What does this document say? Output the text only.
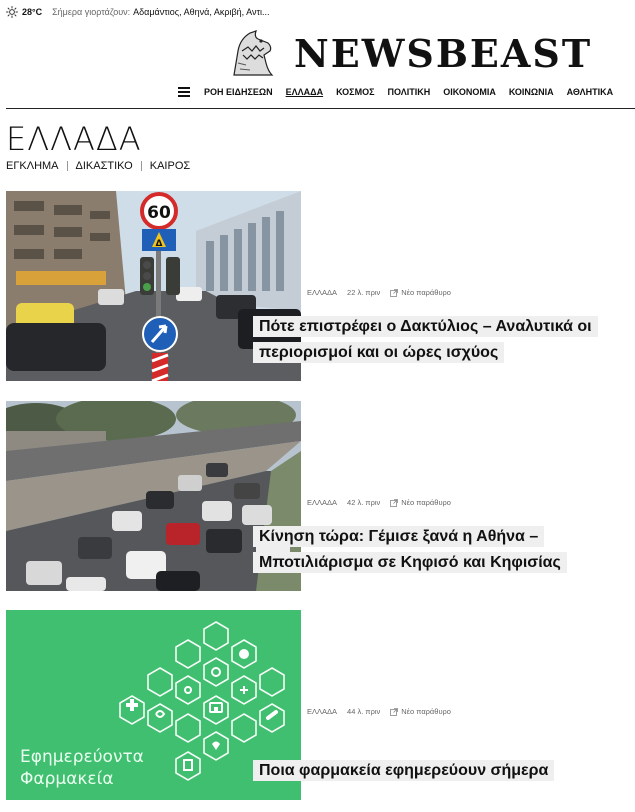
28°C Σήμερα γιορτάζουν: Αδαμάντιος, Αθηνά, Ακριβή, Αντι...
NEWSBEAST
ΡΟΗ ΕΙΔΗΣΕΩΝ ΕΛΛΑΔΑ ΚΟΣΜΟΣ ΠΟΛΙΤΙΚΗ ΟΙΚΟΝΟΜΙΑ ΚΟΙΝΩΝΙΑ ΑΘΛΗΤΙΚΑ
ΕΛΛΑΔΑ
ΕΓΚΛΗΜΑ ΔΙΚΑΣΤΙΚΟ ΚΑΙΡΟΣ
60
Δ
ΕΛΛΑΔΑ 22 λ. πριν	Νέο παράθυρο
Πότε επιστρέφει ο Δακτύλιος – Αναλυτικά οι περιορισμοί και οι ώρες ισχύος
ΕΛΛΑΔΑ 42 λ. πριν	Νέο παράθυρο
Κίνηση τώρα: Γέμισε ξανά η Αθήνα – Μποτιλιάρισμα σε Κηφισό και Κηφισίας
Εφημερεύοντα
Φαρμακεία
ΕΛΛΑΔΑ 44 λ. πριν	Νέο παράθυρο
Ποια φαρμακεία εφημερεύουν σήμερα
